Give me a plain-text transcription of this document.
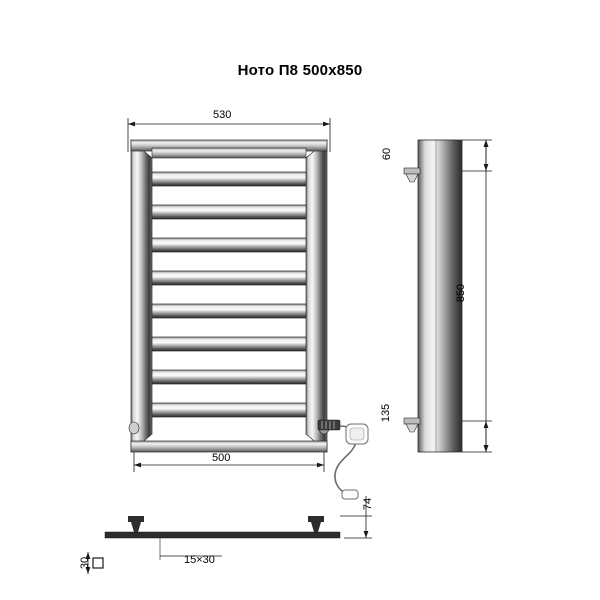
Ното П8 500х850
530
500
60
850
135
74
30	15×30
